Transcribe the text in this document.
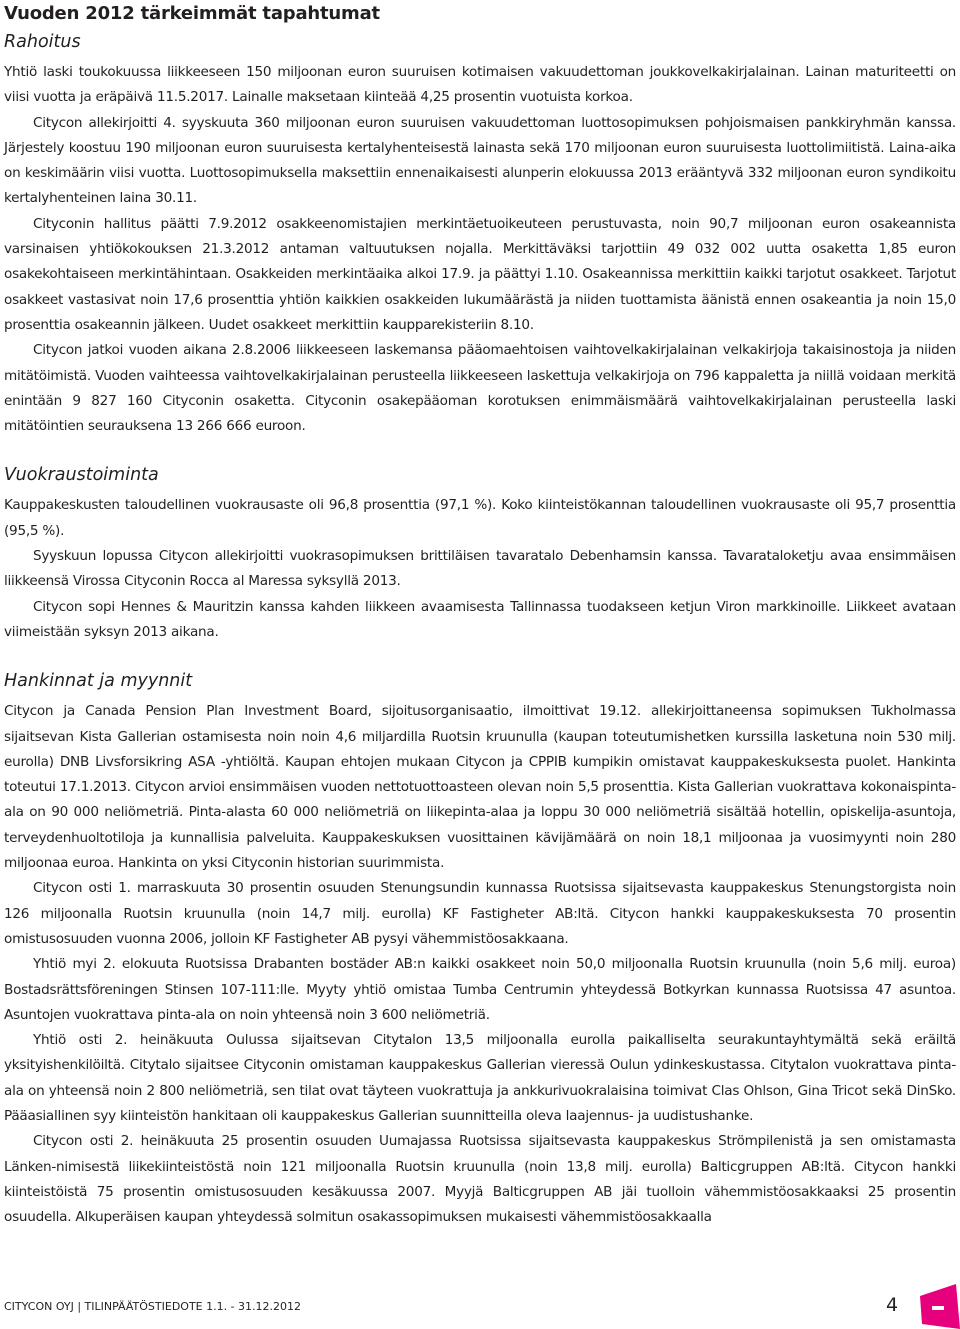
Vuoden 2012 tärkeimmät tapahtumat
Rahoitus

Yhtiö laski toukokuussa liikkeeseen 150 miljoonan euron suuruisen kotimaisen vakuudettoman joukkovelkakirjalainan. Lainan maturiteetti on viisi vuotta ja eräpäivä 11.5.2017. Lainalle maksetaan kiinteää 4,25 prosentin vuotuista korkoa.

Citycon allekirjoitti 4. syyskuuta 360 miljoonan euron suuruisen vakuudettoman luottosopimuksen pohjoismaisen pankkiryhmän kanssa. Järjestely koostuu 190 miljoonan euron suuruisesta kertalyhenteisestä lainasta sekä 170 miljoonan euron suuruisesta luottolimiitistä. Laina-aika on keskimäärin viisi vuotta. Luottosopimuksella maksettiin ennenaikaisesti alunperin elokuussa 2013 erääntyvä 332 miljoonan euron syndikoitu kertalyhenteinen laina 30.11.

Cityconin hallitus päätti 7.9.2012 osakkeenomistajien merkintäetuoikeuteen perustuvasta, noin 90,7 miljoonan euron osakeannista varsinaisen yhtiökokouksen 21.3.2012 antaman valtuutuksen nojalla. Merkittäväksi tarjottiin 49 032 002 uutta osaketta 1,85 euron osakekohtaiseen merkintähintaan. Osakkeiden merkintäaika alkoi 17.9. ja päättyi 1.10. Osakeannissa merkittiin kaikki tarjotut osakkeet. Tarjotut osakkeet vastasivat noin 17,6 prosenttia yhtiön kaikkien osakkeiden lukumäärästä ja niiden tuottamista äänistä ennen osakeantia ja noin 15,0 prosenttia osakeannin jälkeen. Uudet osakkeet merkittiin kaupparekisteriin 8.10.

Citycon jatkoi vuoden aikana 2.8.2006 liikkeeseen laskemansa pääomaehtoisen vaihtovelkakirjalainan velkakirjoja takaisinostoja ja niiden mitätöimistä. Vuoden vaihteessa vaihtovelkakirjalainan perusteella liikkeeseen laskettuja velkakirjoja on 796 kappaletta ja niillä voidaan merkitä enintään 9 827 160 Cityconin osaketta. Cityconin osakepääoman korotuksen enimmäismäärä vaihtovelkakirjalainan perusteella laski mitätöintien seurauksena 13 266 666 euroon.

Vuokraustoiminta

Kauppakeskusten taloudellinen vuokrausaste oli 96,8 prosenttia (97,1 %). Koko kiinteistökannan taloudellinen vuokrausaste oli 95,7 prosenttia (95,5 %).

Syyskuun lopussa Citycon allekirjoitti vuokrasopimuksen brittiläisen tavaratalo Debenhamsin kanssa. Tavarataloketju avaa ensimmäisen liikkeensä Virossa Cityconin Rocca al Maressa syksyllä 2013.

Citycon sopi Hennes & Mauritzin kanssa kahden liikkeen avaamisesta Tallinnassa tuodakseen ketjun Viron markkinoille. Liikkeet avataan viimeistään syksyn 2013 aikana.

Hankinnat ja myynnit

Citycon ja Canada Pension Plan Investment Board, sijoitusorganisaatio, ilmoittivat 19.12. allekirjoittaneensa sopimuksen Tukholmassa sijaitsevan Kista Gallerian ostamisesta noin noin 4,6 miljardilla Ruotsin kruunulla (kaupan toteutumishetken kurssilla lasketuna noin 530 milj. eurolla) DNB Livsforsikring ASA -yhtiöltä. Kaupan ehtojen mukaan Citycon ja CPPIB kumpikin omistavat kauppakeskuksesta puolet. Hankinta toteutui 17.1.2013. Citycon arvioi ensimmäisen vuoden nettotuottoasteen olevan noin 5,5 prosenttia. Kista Gallerian vuokrattava kokonaispinta-ala on 90 000 neliömetriä. Pinta-alasta 60 000 neliömetriä on liikepinta-alaa ja loppu 30 000 neliömetriä sisältää hotellin, opiskelija-asuntoja, terveydenhuoltotiloja ja kunnallisia palveluita. Kauppakeskuksen vuosittainen kävijämäärä on noin 18,1 miljoonaa ja vuosimyynti noin 280 miljoonaa euroa. Hankinta on yksi Cityconin historian suurimmista.

Citycon osti 1. marraskuuta 30 prosentin osuuden Stenungsundin kunnassa Ruotsissa sijaitsevasta kauppakeskus Stenungstorgista noin 126 miljoonalla Ruotsin kruunulla (noin 14,7 milj. eurolla) KF Fastigheter AB:ltä. Citycon hankki kauppakeskuksesta 70 prosentin omistusosuuden vuonna 2006, jolloin KF Fastigheter AB pysyi vähemmistöosakkaana.

Yhtiö myi 2. elokuuta Ruotsissa Drabanten bostäder AB:n kaikki osakkeet noin 50,0 miljoonalla Ruotsin kruunulla (noin 5,6 milj. euroa) Bostadsrättsföreningen Stinsen 107-111:lle. Myyty yhtiö omistaa Tumba Centrumin yhteydessä Botkyrkan kunnassa Ruotsissa 47 asuntoa. Asuntojen vuokrattava pinta-ala on noin yhteensä noin 3 600 neliömetriä.

Yhtiö osti 2. heinäkuuta Oulussa sijaitsevan Citytalon 13,5 miljoonalla eurolla paikalliselta seurakuntayhtymältä sekä eräiltä yksityishenkilöiltä. Citytalo sijaitsee Cityconin omistaman kauppakeskus Gallerian vieressä Oulun ydinkeskustassa. Citytalon vuokrattava pinta-ala on yhteensä noin 2 800 neliömetriä, sen tilat ovat täyteen vuokrattuja ja ankkurivuokralaisina toimivat Clas Ohlson, Gina Tricot sekä DinSko. Pääasiallinen syy kiinteistön hankitaan oli kauppakeskus Gallerian suunnitteilla oleva laajennus- ja uudistushanke.

Citycon osti 2. heinäkuuta 25 prosentin osuuden Uumajassa Ruotsissa sijaitsevasta kauppakeskus Strömpilenistä ja sen omistamasta Länken-nimisestä liikekiinteistöstä noin 121 miljoonalla Ruotsin kruunulla (noin 13,8 milj. eurolla) Balticgruppen AB:ltä. Citycon hankki kiinteistöistä 75 prosentin omistusosuuden kesäkuussa 2007. Myyjä Balticgruppen AB jäi tuolloin vähemmistöosakkaaksi 25 prosentin osuudella. Alkuperäisen kaupan yhteydessä solmitun osakassopimuksen mukaisesti vähemmistöosakkaalla

CITYCON OYJ | TILINPÄÄTÖSTIEDOTE 1.1. - 31.12.2012	4
